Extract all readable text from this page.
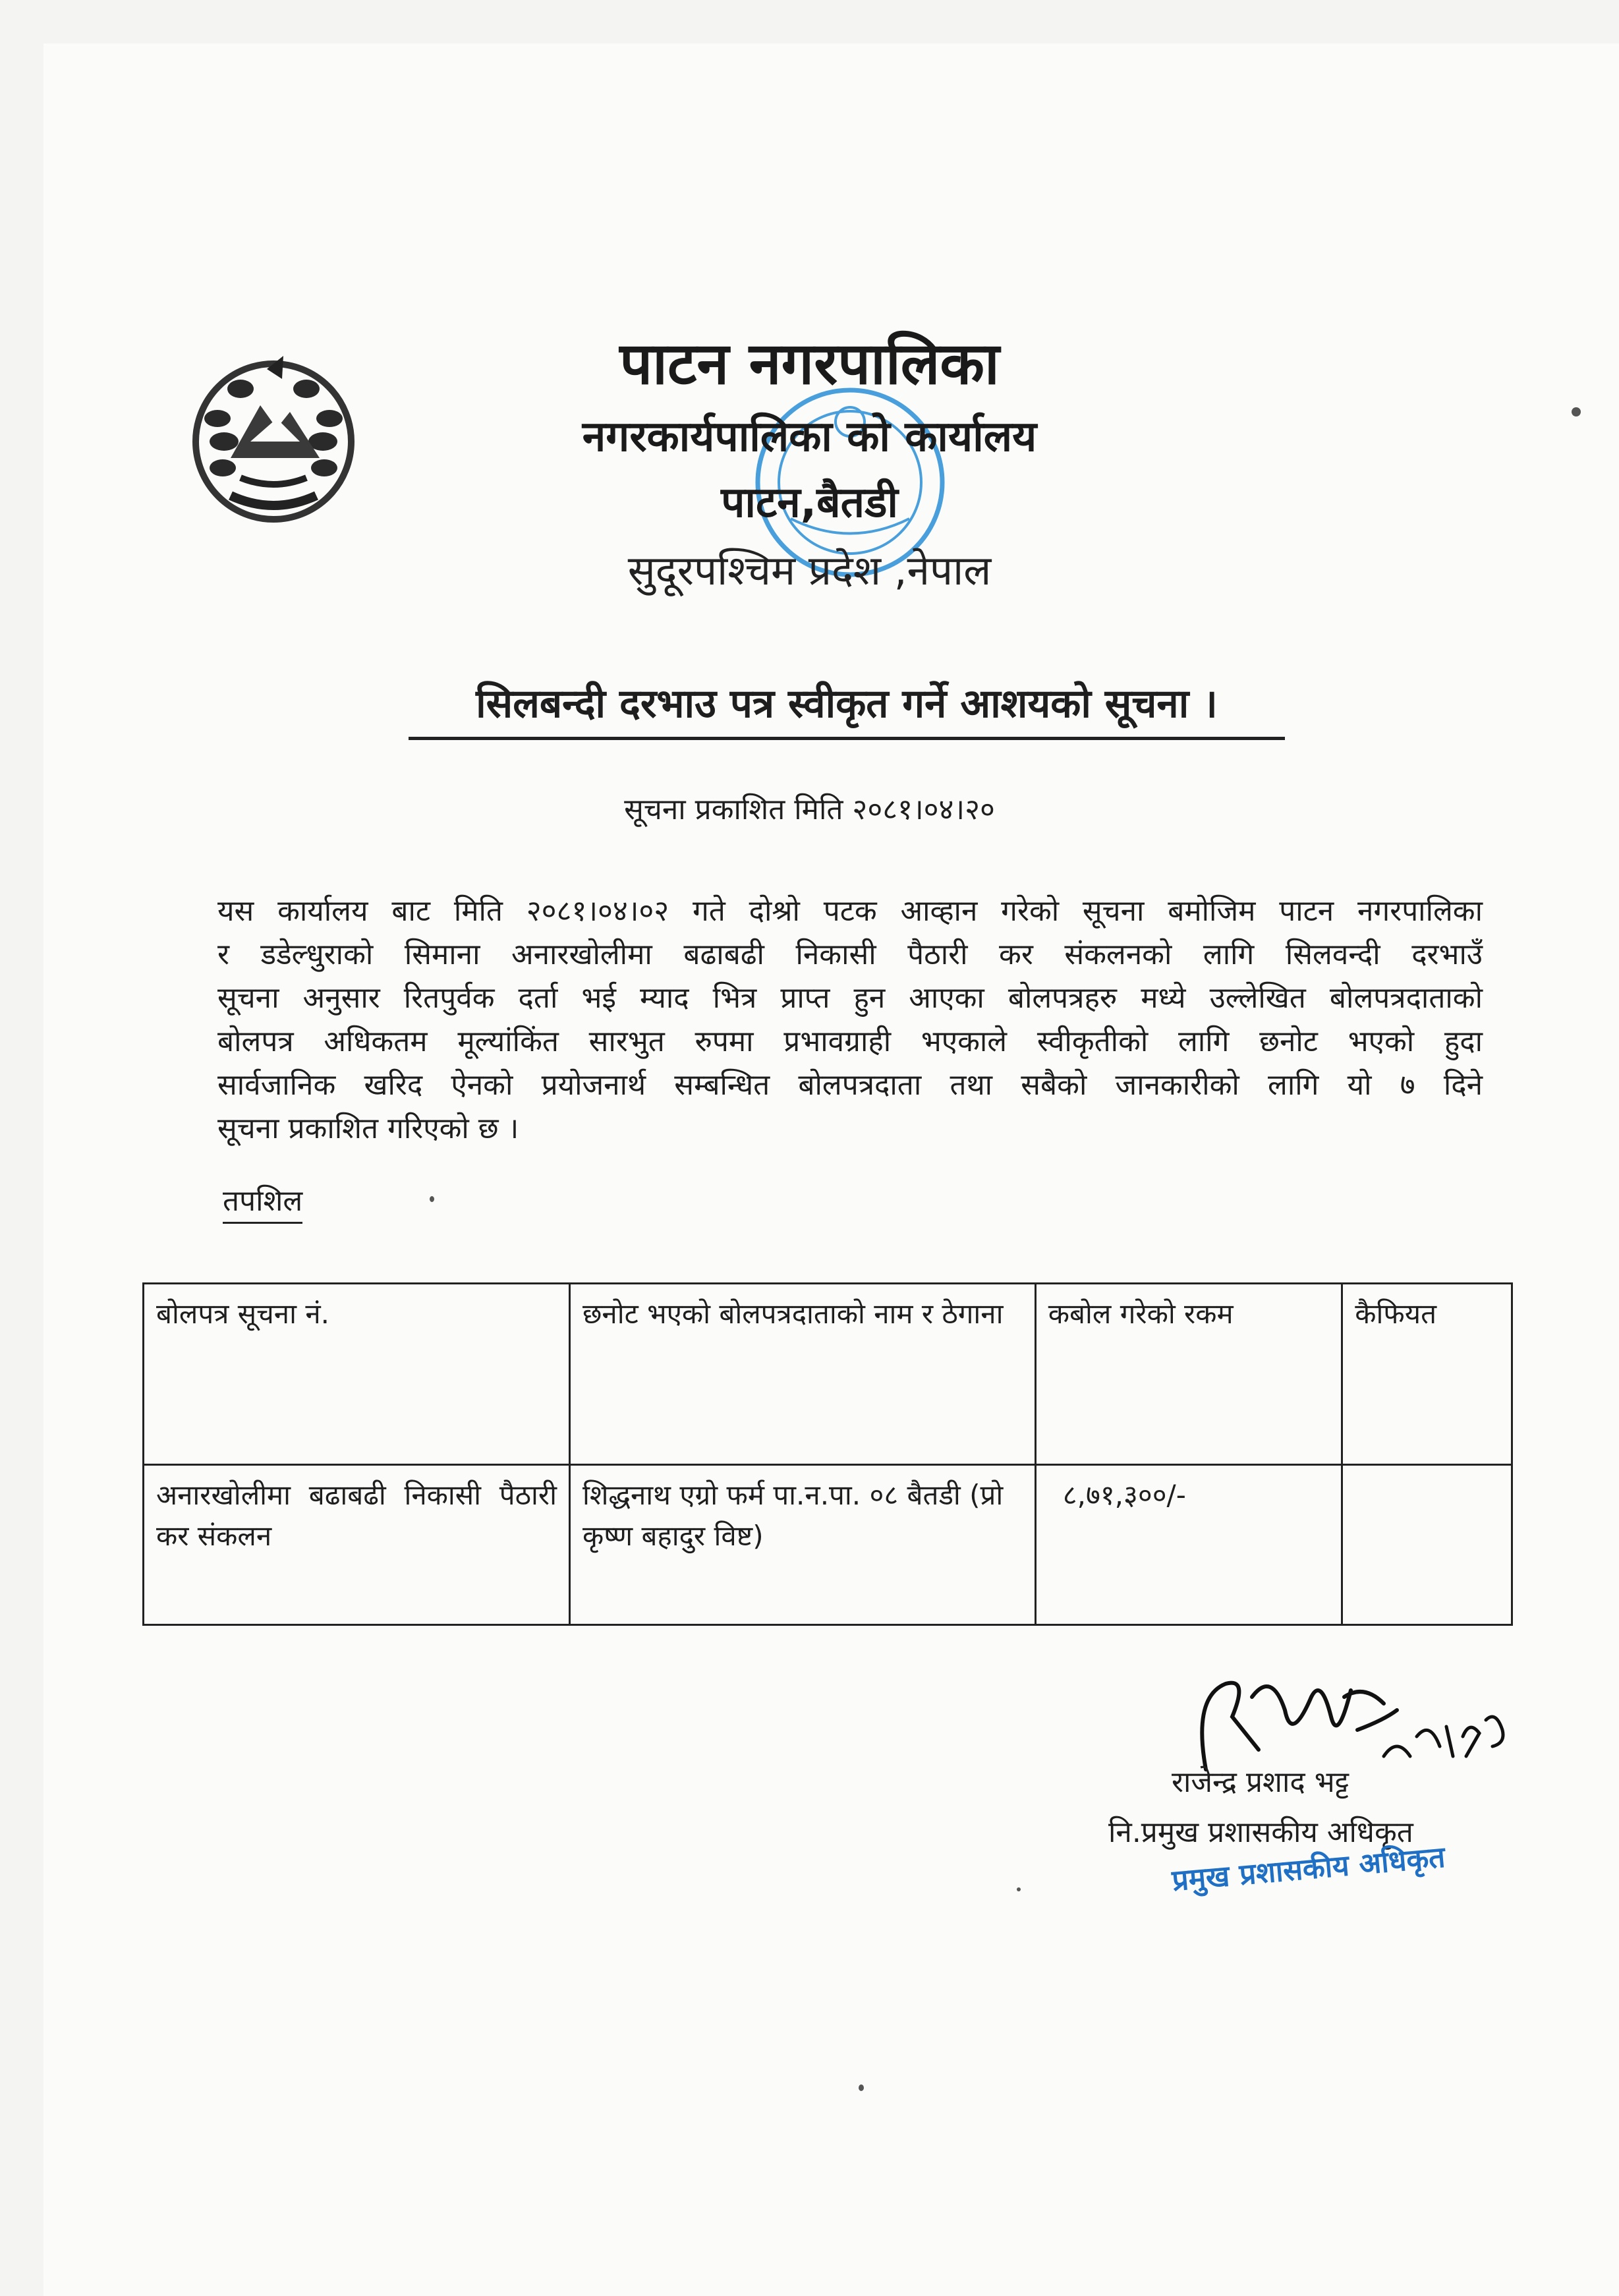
पाटन नगरपालिका
नगरकार्यपालिका को कार्यालय
पाटन,बैतडी
सुदूरपश्चिम प्रदेश ,नेपाल
सिलबन्दी दरभाउ पत्र स्वीकृत गर्ने आशयको सूचना ।
सूचना प्रकाशित मिति २०८१।०४।२०
यस कार्यालय बाट मिति २०८१।०४।०२ गते दोश्रो पटक आव्हान गरेको सूचना बमोजिम पाटन नगरपालिका
र डडेल्धुराको सिमाना अनारखोलीमा बढाबढी निकासी पैठारी कर संकलनको लागि सिलवन्दी दरभाउँ
सूचना अनुसार रितपुर्वक दर्ता भई म्याद भित्र प्राप्त हुन आएका बोलपत्रहरु मध्ये उल्लेखित बोलपत्रदाताको
बोलपत्र अधिकतम मूल्यांकिंत सारभुत रुपमा प्रभावग्राही भएकाले स्वीकृतीको लागि छनोट भएको हुदा
सार्वजानिक खरिद ऐनको प्रयोजनार्थ सम्बन्धित बोलपत्रदाता तथा सबैको जानकारीको लागि यो ७ दिने
सूचना प्रकाशित गरिएको छ ।
तपशिल
बोलपत्र सूचना नं.	छनोट भएको बोलपत्रदाताको नाम र ठेगाना	कबोल गरेको रकम	कैफियत
अनारखोलीमा बढाबढी निकासी पैठारी कर संकलन	शिद्धनाथ एग्रो फर्म पा.न.पा. ०८ बैतडी (प्रो कृष्ण बहादुर विष्ट)	८,७१,३००/-	
राजेन्द्र प्रशाद भट्ट
नि.प्रमुख प्रशासकीय अधिकृत
प्रमुख प्रशासकीय अधिकृत
